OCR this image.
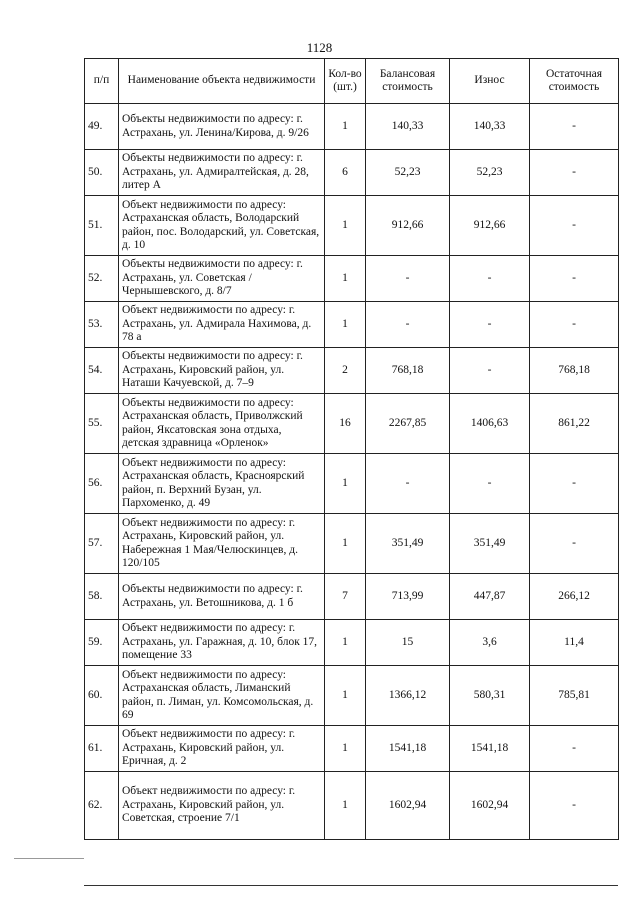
1128
п/п	Наименование объекта недвижимости	Кол-во (шт.)	Балансовая стоимость	Износ	Остаточная стоимость
49.	Объекты недвижимости по адресу: г. Астрахань, ул. Ленина/Кирова, д. 9/26	1	140,33	140,33	-
50.	Объекты недвижимости по адресу: г. Астрахань, ул. Адмиралтейская, д. 28, литер А	6	52,23	52,23	-
51.	Объект недвижимости по адресу: Астраханская область, Володарский район, пос. Володарский, ул. Советская, д. 10	1	912,66	912,66	-
52.	Объекты недвижимости по адресу: г. Астрахань, ул. Советская / Чернышевского, д. 8/7	1	-	-	-
53.	Объект недвижимости по адресу: г. Астрахань, ул. Адмирала Нахимова, д. 78 а	1	-	-	-
54.	Объекты недвижимости по адресу: г. Астрахань, Кировский район, ул. Наташи Качуевской, д. 7–9	2	768,18	-	768,18
55.	Объекты недвижимости по адресу: Астраханская область, Приволжский район, Яксатовская зона отдыха, детская здравница «Орленок»	16	2267,85	1406,63	861,22
56.	Объект недвижимости по адресу: Астраханская область, Красноярский район, п. Верхний Бузан, ул. Пархоменко, д. 49	1	-	-	-
57.	Объект недвижимости по адресу: г. Астрахань, Кировский район, ул. Набережная 1 Мая/Челюскинцев, д. 120/105	1	351,49	351,49	-
58.	Объекты недвижимости по адресу: г. Астрахань, ул. Ветошникова, д. 1 б	7	713,99	447,87	266,12
59.	Объект недвижимости по адресу: г. Астрахань, ул. Гаражная, д. 10, блок 17, помещение 33	1	15	3,6	11,4
60.	Объект недвижимости по адресу: Астраханская область, Лиманский район, п. Лиман, ул. Комсомольская, д. 69	1	1366,12	580,31	785,81
61.	Объект недвижимости по адресу: г. Астрахань, Кировский район, ул. Еричная, д. 2	1	1541,18	1541,18	-
62.	Объект недвижимости по адресу: г. Астрахань, Кировский район, ул. Советская, строение 7/1	1	1602,94	1602,94	-
